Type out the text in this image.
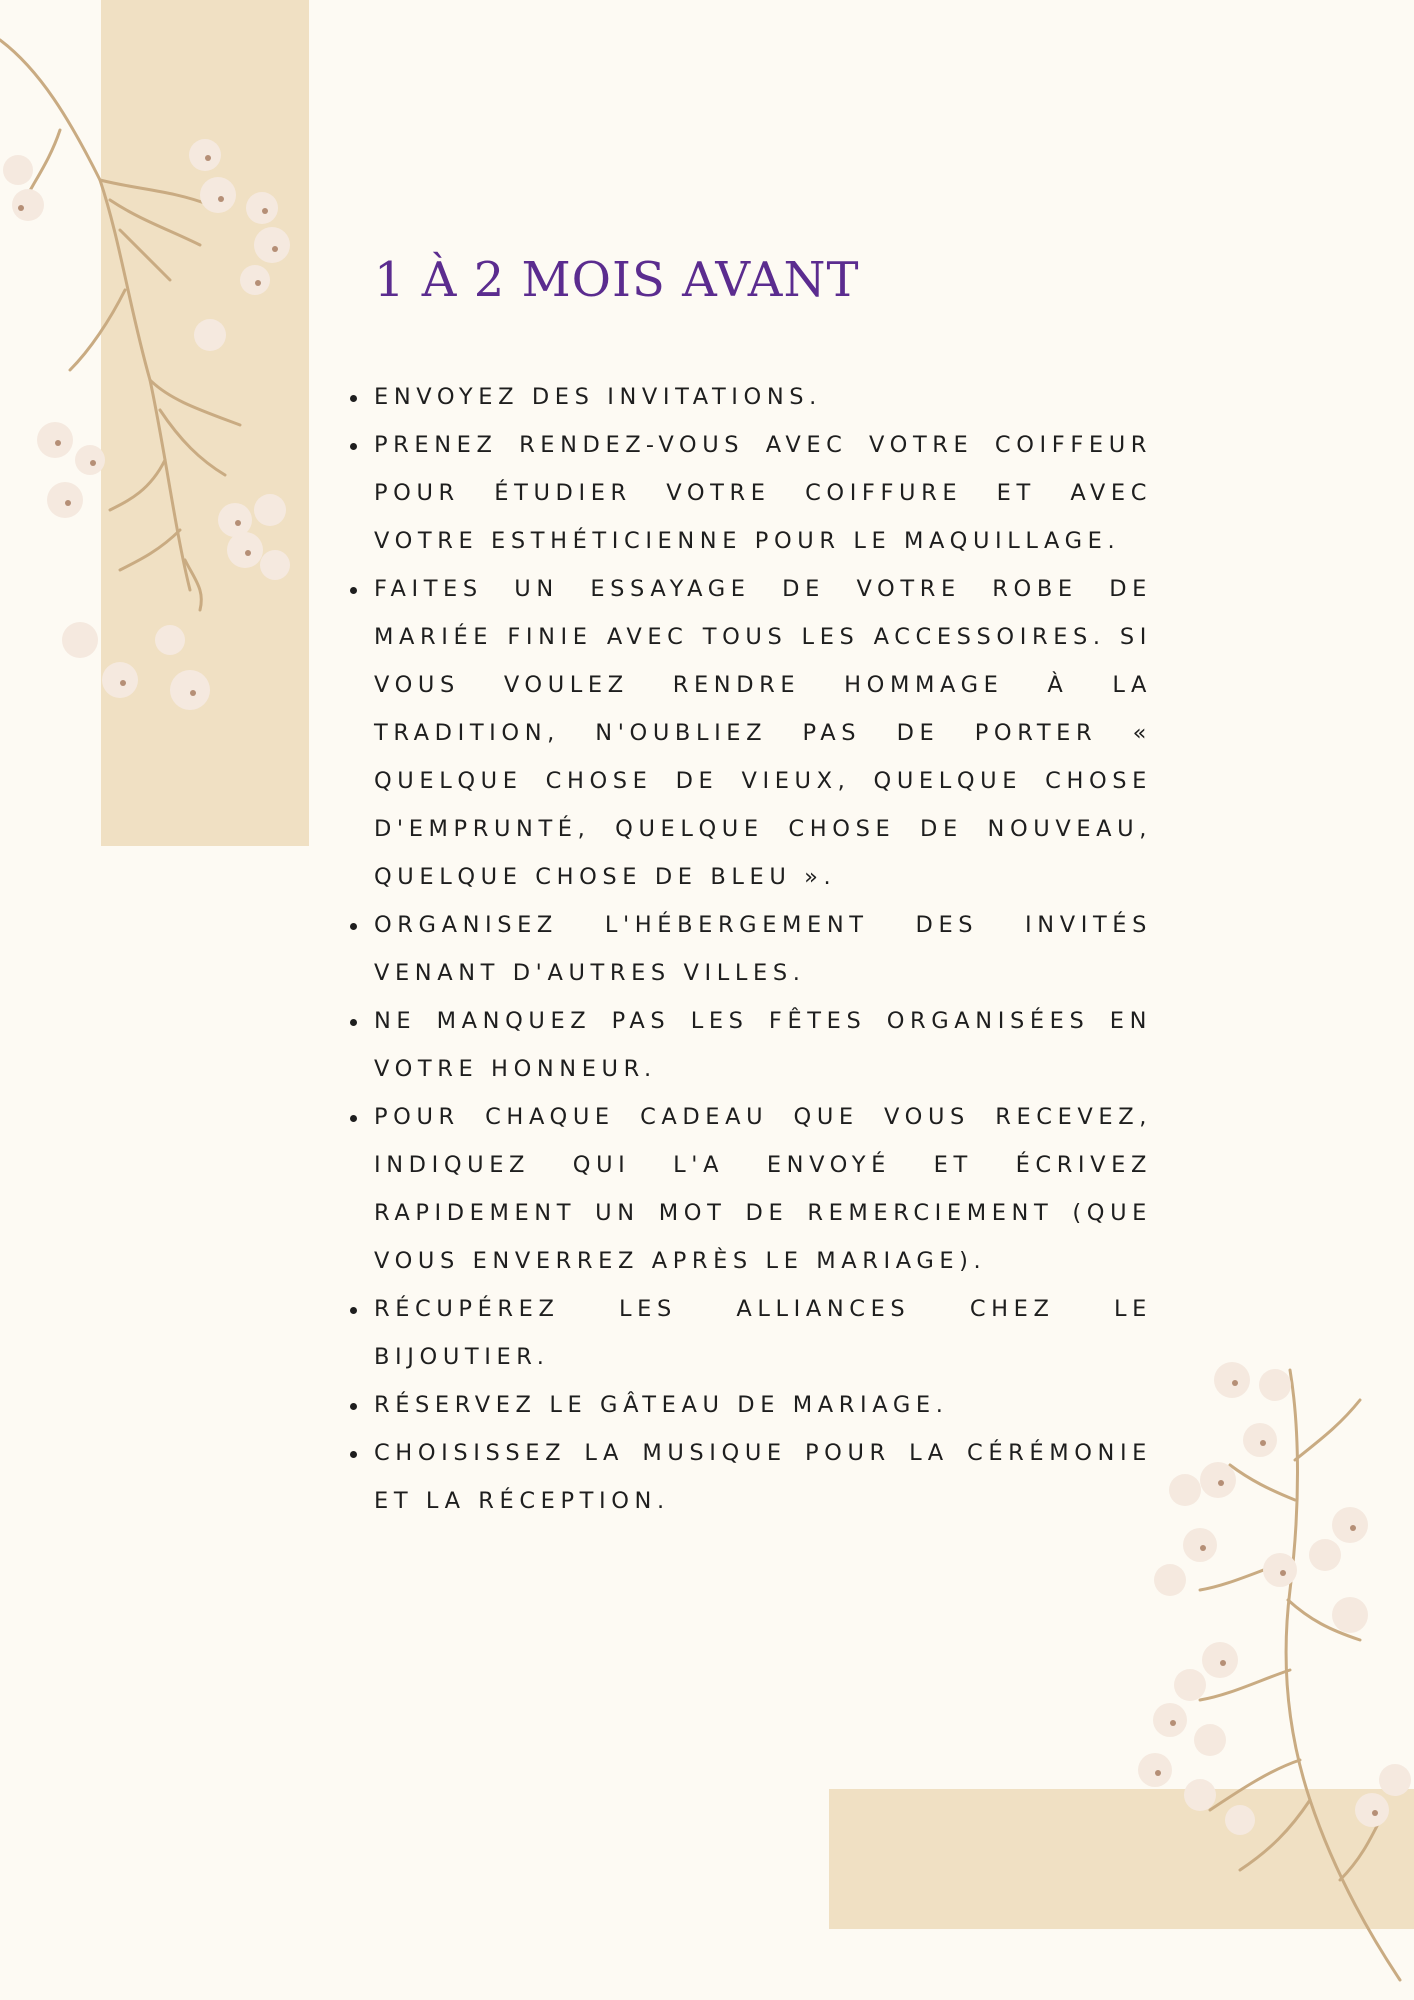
1 À 2 MOIS AVANT
ENVOYEZ DES INVITATIONS.
PRENEZ RENDEZ-VOUS AVEC VOTRE COIFFEUR POUR ÉTUDIER VOTRE COIFFURE ET AVEC VOTRE ESTHÉTICIENNE POUR LE MAQUILLAGE.
FAITES UN ESSAYAGE DE VOTRE ROBE DE MARIÉE FINIE AVEC TOUS LES ACCESSOIRES. SI VOUS VOULEZ RENDRE HOMMAGE À LA TRADITION, N'OUBLIEZ PAS DE PORTER « QUELQUE CHOSE DE VIEUX, QUELQUE CHOSE D'EMPRUNTÉ, QUELQUE CHOSE DE NOUVEAU, QUELQUE CHOSE DE BLEU ».
ORGANISEZ L'HÉBERGEMENT DES INVITÉS VENANT D'AUTRES VILLES.
NE MANQUEZ PAS LES FÊTES ORGANISÉES EN VOTRE HONNEUR.
POUR CHAQUE CADEAU QUE VOUS RECEVEZ, INDIQUEZ QUI L'A ENVOYÉ ET ÉCRIVEZ RAPIDEMENT UN MOT DE REMERCIEMENT (QUE VOUS ENVERREZ APRÈS LE MARIAGE).
RÉCUPÉREZ LES ALLIANCES CHEZ LE BIJOUTIER.
RÉSERVEZ LE GÂTEAU DE MARIAGE.
CHOISISSEZ LA MUSIQUE POUR LA CÉRÉMONIE ET LA RÉCEPTION.
